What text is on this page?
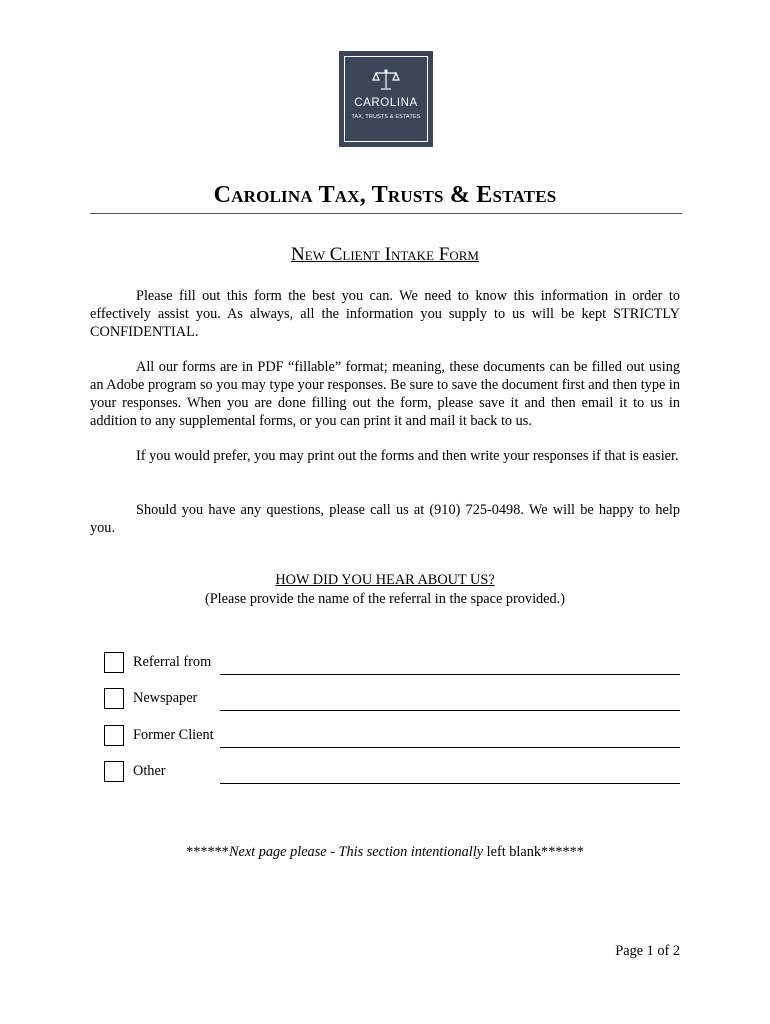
CAROLINA
TAX, TRUSTS & ESTATES
Carolina Tax, Trusts & Estates
New Client Intake Form

Please fill out this form the best you can. We need to know this information in order to effectively assist you. As always, all the information you supply to us will be kept STRICTLY CONFIDENTIAL.

All our forms are in PDF “fillable” format; meaning, these documents can be filled out using an Adobe program so you may type your responses. Be sure to save the document first and then type in your responses. When you are done filling out the form, please save it and then email it to us in addition to any supplemental forms, or you can print it and mail it back to us.

If you would prefer, you may print out the forms and then write your responses if that is easier.

Should you have any questions, please call us at (910) 725-0498. We will be happy to help you.

HOW DID YOU HEAR ABOUT US?
(Please provide the name of the referral in the space provided.)
Referral from
Newspaper
Former Client
Other
******Next page please - This section intentionally left blank******
Page 1 of 2
